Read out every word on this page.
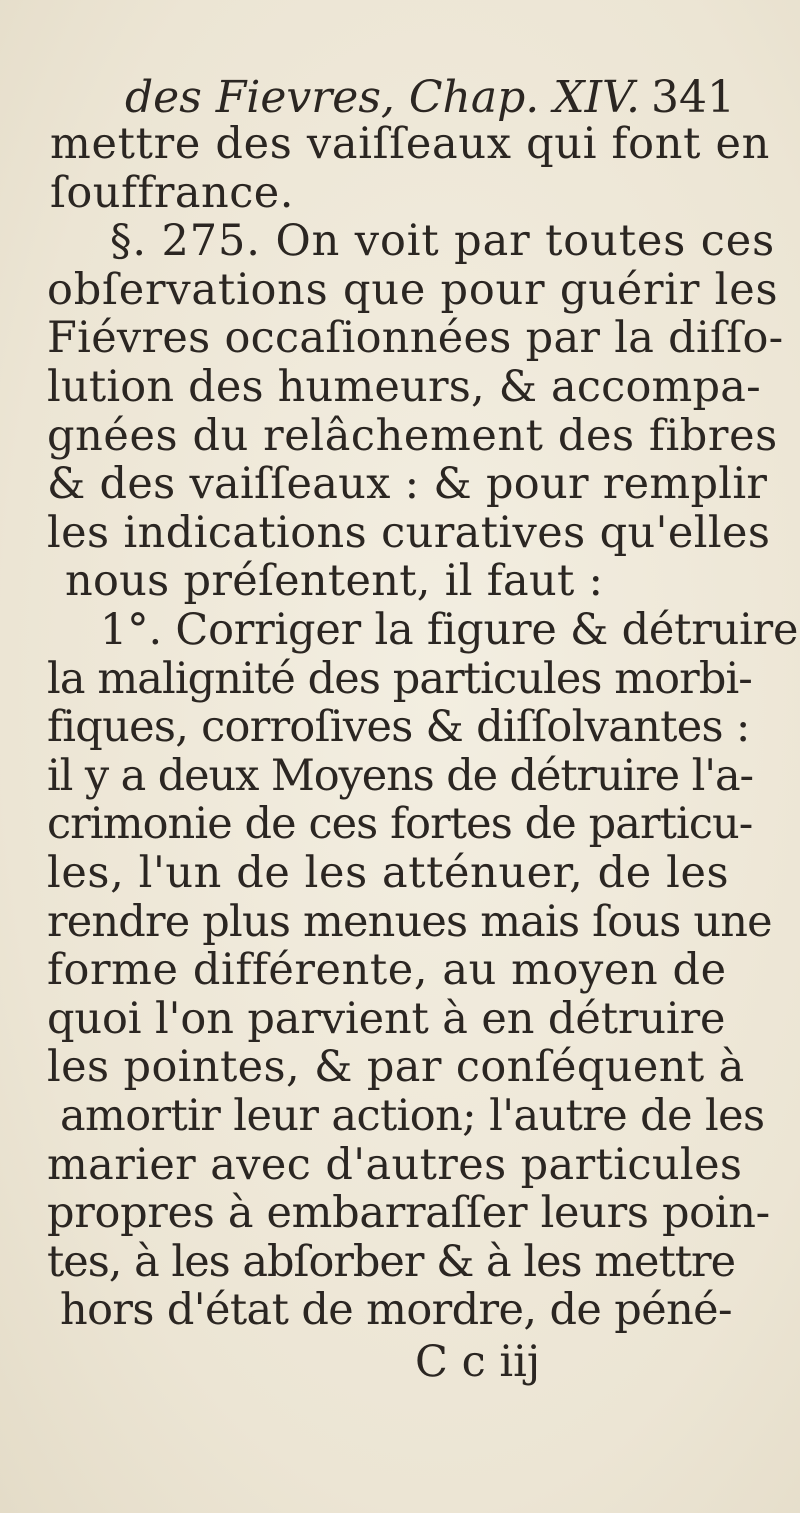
des Fievres, Chap. XIV. 341
mettre des vaiſſeaux qui font en
ſouffrance.
§. 275. On voit par toutes ces
obſervations que pour guérir les
Fiévres occaſionnées par la diſſo-
lution des humeurs, & accompa-
gnées du relâchement des fibres
& des vaiſſeaux : & pour remplir
les indications curatives qu'elles
nous préſentent, il faut :
1°. Corriger la figure & détruire
la malignité des particules morbi-
fiques, corroſives & diſſolvantes :
il y a deux Moyens de détruire l'a-
crimonie de ces fortes de particu-
les, l'un de les atténuer, de les
rendre plus menues mais ſous une
forme différente, au moyen de
quoi l'on parvient à en détruire
les pointes, & par conſéquent à
amortir leur action; l'autre de les
marier avec d'autres particules
propres à embarraſſer leurs poin-
tes, à les abſorber & à les mettre
hors d'état de mordre, de péné-
C c iij
